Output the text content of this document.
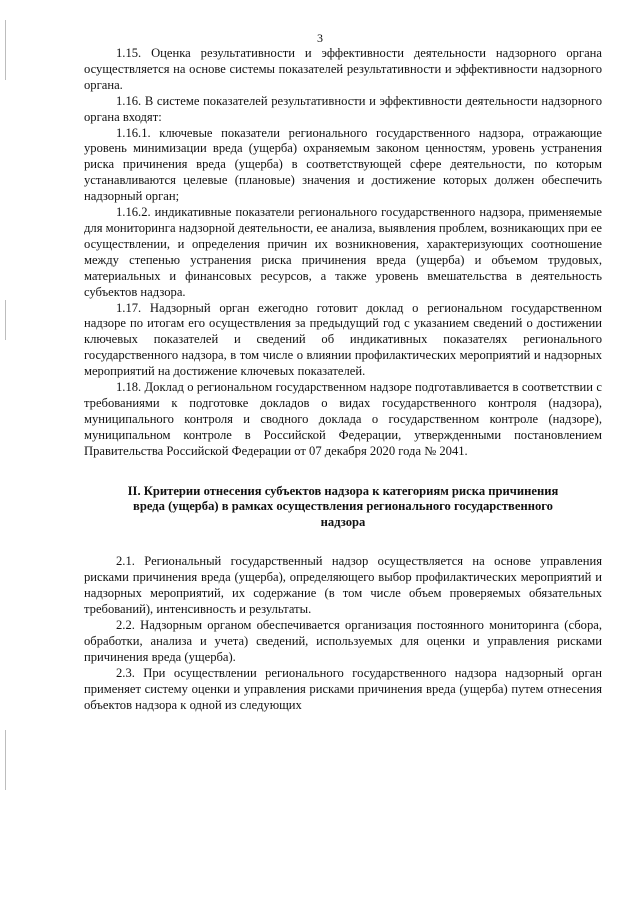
3

1.15. Оценка результативности и эффективности деятельности надзорного органа осуществляется на основе системы показателей результативности и эффективности надзорного органа.

1.16. В системе показателей результативности и эффективности деятельности надзорного органа входят:

1.16.1. ключевые показатели регионального государственного надзора, отражающие уровень минимизации вреда (ущерба) охраняемым законом ценностям, уровень устранения риска причинения вреда (ущерба) в соответствующей сфере деятельности, по которым устанавливаются целевые (плановые) значения и достижение которых должен обеспечить надзорный орган;

1.16.2. индикативные показатели регионального государственного надзора, применяемые для мониторинга надзорной деятельности, ее анализа, выявления проблем, возникающих при ее осуществлении, и определения причин их возникновения, характеризующих соотношение между степенью устранения риска причинения вреда (ущерба) и объемом трудовых, материальных и финансовых ресурсов, а также уровень вмешательства в деятельность субъектов надзора.

1.17. Надзорный орган ежегодно готовит доклад о региональном государственном надзоре по итогам его осуществления за предыдущий год с указанием сведений о достижении ключевых показателей и сведений об индикативных показателях регионального государственного надзора, в том числе о влиянии профилактических мероприятий и надзорных мероприятий на достижение ключевых показателей.

1.18. Доклад о региональном государственном надзоре подготавливается в соответствии с требованиями к подготовке докладов о видах государственного контроля (надзора), муниципального контроля и сводного доклада о государственном контроле (надзоре), муниципальном контроле в Российской Федерации, утвержденными постановлением Правительства Российской Федерации от 07 декабря 2020 года № 2041.

II. Критерии отнесения субъектов надзора к категориям риска причинения вреда (ущерба) в рамках осуществления регионального государственного надзора

2.1. Региональный государственный надзор осуществляется на основе управления рисками причинения вреда (ущерба), определяющего выбор профилактических мероприятий и надзорных мероприятий, их содержание (в том числе объем проверяемых обязательных требований), интенсивность и результаты.

2.2. Надзорным органом обеспечивается организация постоянного мониторинга (сбора, обработки, анализа и учета) сведений, используемых для оценки и управления рисками причинения вреда (ущерба).

2.3. При осуществлении регионального государственного надзора надзорный орган применяет систему оценки и управления рисками причинения вреда (ущерба) путем отнесения объектов надзора к одной из следующих
